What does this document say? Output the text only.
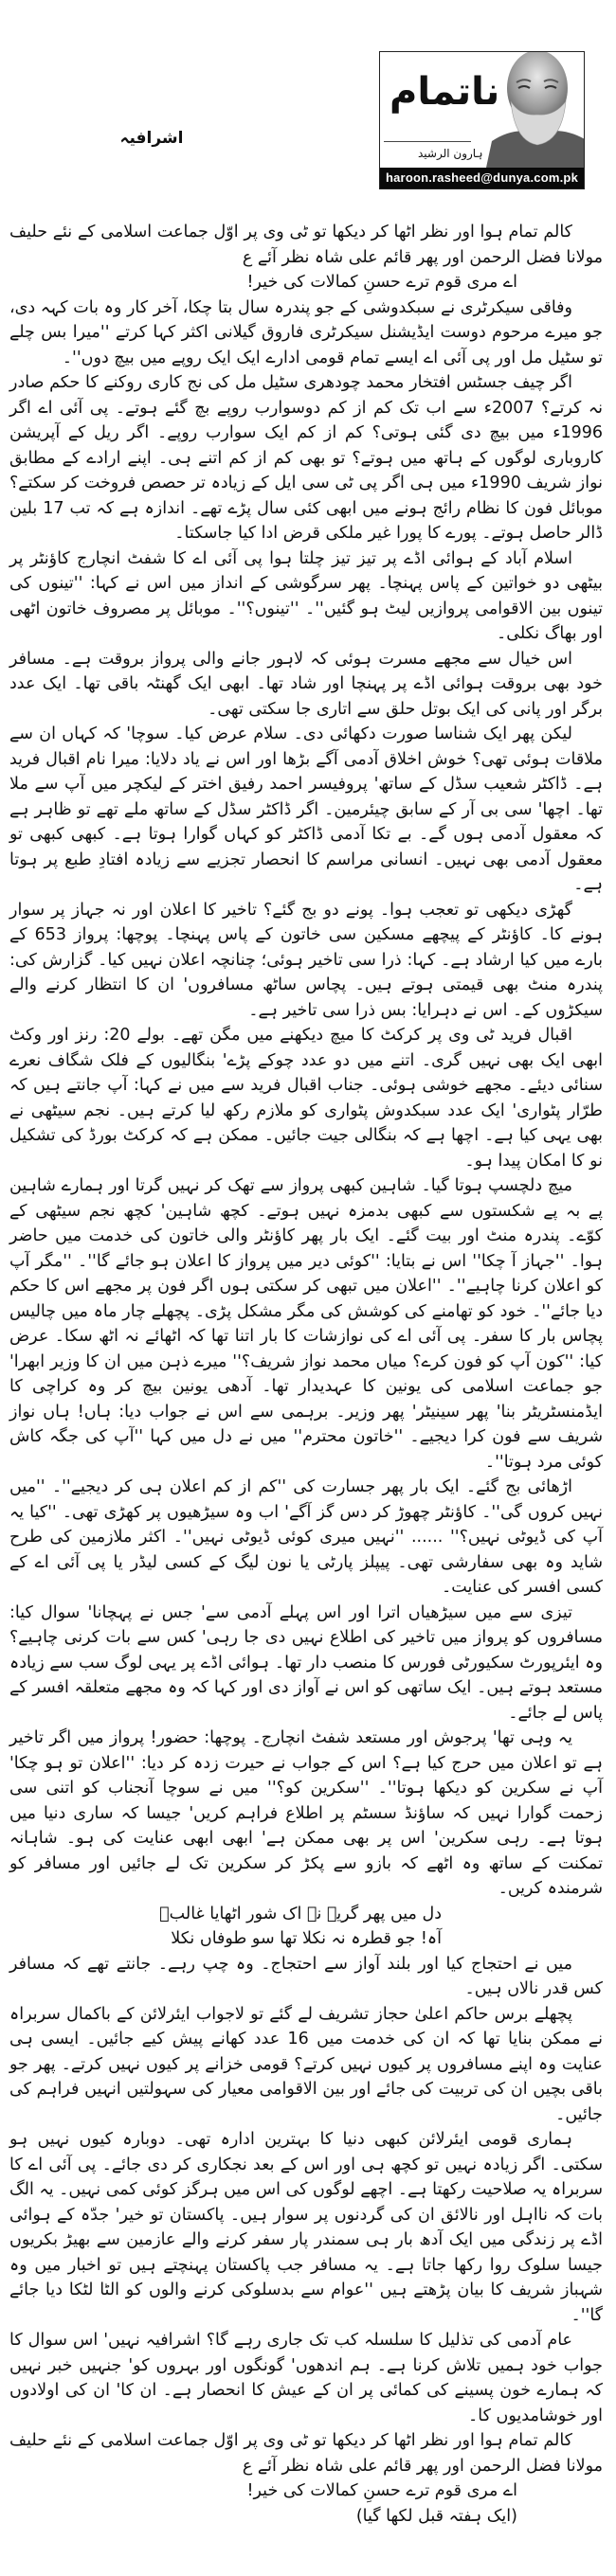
اشرافیہ
ناتمام
ہارون الرشید
haroon.rasheed@dunya.com.pk

کالم تمام ہوا اور نظر اٹھا کر دیکھا تو ٹی وی پر اوّل جماعت اسلامی کے نئے حلیف مولانا فضل الرحمن اور پھر قائم علی شاہ نظر آئے ع

اے مری قوم ترے حسنِ کمالات کی خیر!

وفاقی سیکرٹری نے سبکدوشی کے جو پندرہ سال بتا چکا، آخر کار وہ بات کہہ دی، جو میرے مرحوم دوست ایڈیشنل سیکرٹری فاروق گیلانی اکثر کہا کرتے ''میرا بس چلے تو سٹیل مل اور پی آئی اے ایسے تمام قومی ادارے ایک ایک روپے میں بیچ دوں''۔

اگر چیف جسٹس افتخار محمد چودھری سٹیل مل کی نج کاری روکنے کا حکم صادر نہ کرتے؟ 2007ء سے اب تک کم از کم دوسوارب روپے بچ گئے ہوتے۔ پی آئی اے اگر 1996ء میں بیچ دی گئی ہوتی؟ کم از کم ایک سوارب روپے۔ اگر ریل کے آپریشن کاروباری لوگوں کے ہاتھ میں ہوتے؟ تو بھی کم از کم اتنے ہی۔ اپنے ارادے کے مطابق نواز شریف 1990ء میں ہی اگر پی ٹی سی ایل کے زیادہ تر حصص فروخت کر سکتے؟ موبائل فون کا نظام رائج ہونے میں ابھی کئی سال پڑے تھے۔ اندازہ ہے کہ تب 17 بلین ڈالر حاصل ہوتے۔ پورے کا پورا غیر ملکی قرض ادا کیا جاسکتا۔

اسلام آباد کے ہوائی اڈے پر تیز تیز چلتا ہوا پی آئی اے کا شفٹ انچارج کاؤنٹر پر بیٹھی دو خواتین کے پاس پہنچا۔ پھر سرگوشی کے انداز میں اس نے کہا: ''تینوں کی تینوں بین الاقوامی پروازیں لیٹ ہو گئیں''۔ ''تینوں؟''۔ موبائل پر مصروف خاتون اٹھی اور بھاگ نکلی۔

اس خیال سے مجھے مسرت ہوئی کہ لاہور جانے والی پرواز بروقت ہے۔ مسافر خود بھی بروقت ہوائی اڈے پر پہنچا اور شاد تھا۔ ابھی ایک گھنٹہ باقی تھا۔ ایک عدد برگر اور پانی کی ایک بوتل حلق سے اتاری جا سکتی تھی۔

لیکن پھر ایک شناسا صورت دکھائی دی۔ سلام عرض کیا۔ سوچا' کہ کہاں ان سے ملاقات ہوئی تھی؟ خوش اخلاق آدمی آگے بڑھا اور اس نے یاد دلایا: میرا نام اقبال فرید ہے۔ ڈاکٹر شعیب سڈل کے ساتھ' پروفیسر احمد رفیق اختر کے لیکچر میں آپ سے ملا تھا۔ اچھا' سی بی آر کے سابق چیئرمین۔ اگر ڈاکٹر سڈل کے ساتھ ملے تھے تو ظاہر ہے کہ معقول آدمی ہوں گے۔ بے تکا آدمی ڈاکٹر کو کہاں گوارا ہوتا ہے۔ کبھی کبھی تو معقول آدمی بھی نہیں۔ انسانی مراسم کا انحصار تجزیے سے زیادہ افتادِ طبع پر ہوتا ہے۔

گھڑی دیکھی تو تعجب ہوا۔ پونے دو بج گئے؟ تاخیر کا اعلان اور نہ جہاز پر سوار ہونے کا۔ کاؤنٹر کے پیچھے مسکین سی خاتون کے پاس پہنچا۔ پوچھا: پرواز 653 کے بارے میں کیا ارشاد ہے۔ کہا: ذرا سی تاخیر ہوئی؛ چنانچہ اعلان نہیں کیا۔ گزارش کی: پندرہ منٹ بھی قیمتی ہوتے ہیں۔ پچاس ساٹھ مسافروں' ان کا انتظار کرنے والے سیکڑوں کے۔ اس نے دہرایا: بس ذرا سی تاخیر ہے۔

اقبال فرید ٹی وی پر کرکٹ کا میچ دیکھنے میں مگن تھے۔ بولے 20: رنز اور وکٹ ابھی ایک بھی نہیں گری۔ اتنے میں دو عدد چوکے پڑے' بنگالیوں کے فلک شگاف نعرے سنائی دیئے۔ مجھے خوشی ہوئی۔ جناب اقبال فرید سے میں نے کہا: آپ جانتے ہیں کہ طرّار پٹواری' ایک عدد سبکدوش پٹواری کو ملازم رکھ لیا کرتے ہیں۔ نجم سیٹھی نے بھی یہی کیا ہے۔ اچھا ہے کہ بنگالی جیت جائیں۔ ممکن ہے کہ کرکٹ بورڈ کی تشکیل نو کا امکان پیدا ہو۔

میچ دلچسپ ہوتا گیا۔ شاہین کبھی پرواز سے تھک کر نہیں گرتا اور ہمارے شاہین پے بہ پے شکستوں سے کبھی بدمزہ نہیں ہوتے۔ کچھ شاہین' کچھ نجم سیٹھی کے کوّے۔ پندرہ منٹ اور بیت گئے۔ ایک بار پھر کاؤنٹر والی خاتون کی خدمت میں حاضر ہوا۔ ''جہاز آ چکا'' اس نے بتایا: ''کوئی دیر میں پرواز کا اعلان ہو جائے گا''۔ ''مگر آپ کو اعلان کرنا چاہیے''۔ ''اعلان میں تبھی کر سکتی ہوں اگر فون پر مجھے اس کا حکم دیا جائے''۔ خود کو تھامنے کی کوشش کی مگر مشکل پڑی۔ پچھلے چار ماہ میں چالیس پچاس بار کا سفر۔ پی آئی اے کی نوازشات کا بار اتنا تھا کہ اٹھائے نہ اٹھ سکا۔ عرض کیا: ''کون آپ کو فون کرے؟ میاں محمد نواز شریف؟'' میرے ذہن میں ان کا وزیر ابھرا' جو جماعت اسلامی کی یونین کا عہدیدار تھا۔ آدھی یونین بیچ کر وہ کراچی کا ایڈمنسٹریٹر بنا' پھر سینیٹر' پھر وزیر۔ برہمی سے اس نے جواب دیا: ہاں! ہاں نواز شریف سے فون کرا دیجیے۔ ''خاتون محترم'' میں نے دل میں کہا ''آپ کی جگہ کاش کوئی مرد ہوتا''۔

اڑھائی بج گئے۔ ایک بار پھر جسارت کی ''کم از کم اعلان ہی کر دیجیے''۔ ''میں نہیں کروں گی''۔ کاؤنٹر چھوڑ کر دس گز آگے' اب وہ سیڑھیوں پر کھڑی تھی۔ ''کیا یہ آپ کی ڈیوٹی نہیں؟'' ...... ''نہیں میری کوئی ڈیوٹی نہیں''۔ اکثر ملازمین کی طرح شاید وہ بھی سفارشی تھی۔ پیپلز پارٹی یا نون لیگ کے کسی لیڈر یا پی آئی اے کے کسی افسر کی عنایت۔

تیزی سے میں سیڑھیاں اترا اور اس پہلے آدمی سے' جس نے پہچانا' سوال کیا: مسافروں کو پرواز میں تاخیر کی اطلاع نہیں دی جا رہی' کس سے بات کرنی چاہیے؟ وہ ایئرپورٹ سکیورٹی فورس کا منصب دار تھا۔ ہوائی اڈے پر یہی لوگ سب سے زیادہ مستعد ہوتے ہیں۔ ایک ساتھی کو اس نے آواز دی اور کہا کہ وہ مجھے متعلقہ افسر کے پاس لے جائے۔

یہ وہی تھا' پرجوش اور مستعد شفٹ انچارج۔ پوچھا: حضور! پرواز میں اگر تاخیر ہے تو اعلان میں حرج کیا ہے؟ اس کے جواب نے حیرت زدہ کر دیا: ''اعلان تو ہو چکا' آپ نے سکرین کو دیکھا ہوتا''۔ ''سکرین کو؟'' میں نے سوچا آنجناب کو اتنی سی زحمت گوارا نہیں کہ ساؤنڈ سسٹم پر اطلاع فراہم کریں' جیسا کہ ساری دنیا میں ہوتا ہے۔ رہی سکرین' اس پر بھی ممکن ہے' ابھی ابھی عنایت کی ہو۔ شاہانہ تمکنت کے ساتھ وہ اٹھے کہ بازو سے پکڑ کر سکرین تک لے جائیں اور مسافر کو شرمندہ کریں۔

دل میں پھر گریہ نے اک شور اٹھایا غالبؔ

آہ! جو قطرہ نہ نکلا تھا سو طوفاں نکلا

میں نے احتجاج کیا اور بلند آواز سے احتجاج۔ وہ چپ رہے۔ جانتے تھے کہ مسافر کس قدر نالاں ہیں۔

پچھلے برس حاکم اعلیٰ حجاز تشریف لے گئے تو لاجواب ایئرلائن کے باکمال سربراہ نے ممکن بنایا تھا کہ ان کی خدمت میں 16 عدد کھانے پیش کیے جائیں۔ ایسی ہی عنایت وہ اپنے مسافروں پر کیوں نہیں کرتے؟ قومی خزانے پر کیوں نہیں کرتے۔ پھر جو باقی بچیں ان کی تربیت کی جائے اور بین الاقوامی معیار کی سہولتیں انہیں فراہم کی جائیں۔

ہماری قومی ایئرلائن کبھی دنیا کا بہترین ادارہ تھی۔ دوبارہ کیوں نہیں ہو سکتی۔ اگر زیادہ نہیں تو کچھ ہی اور اس کے بعد نجکاری کر دی جائے۔ پی آئی اے کا سربراہ یہ صلاحیت رکھتا ہے۔ اچھے لوگوں کی اس میں ہرگز کوئی کمی نہیں۔ یہ الگ بات کہ نااہل اور نالائق ان کی گردنوں پر سوار ہیں۔ پاکستان تو خیر' جدّہ کے ہوائی اڈے پر زندگی میں ایک آدھ بار ہی سمندر پار سفر کرنے والے عازمین سے بھیڑ بکریوں جیسا سلوک روا رکھا جاتا ہے۔ یہ مسافر جب پاکستان پہنچتے ہیں تو اخبار میں وہ شہباز شریف کا بیان پڑھتے ہیں ''عوام سے بدسلوکی کرنے والوں کو الٹا لٹکا دیا جائے گا''۔

عام آدمی کی تذلیل کا سلسلہ کب تک جاری رہے گا؟ اشرافیہ نہیں' اس سوال کا جواب خود ہمیں تلاش کرنا ہے۔ ہم اندھوں' گونگوں اور بہروں کو' جنہیں خبر نہیں کہ ہمارے خون پسینے کی کمائی پر ان کے عیش کا انحصار ہے۔ ان کا' ان کی اولادوں اور خوشامدیوں کا۔

کالم تمام ہوا اور نظر اٹھا کر دیکھا تو ٹی وی پر اوّل جماعت اسلامی کے نئے حلیف مولانا فضل الرحمن اور پھر قائم علی شاہ نظر آئے ع

اے مری قوم ترے حسنِ کمالات کی خیر!

(ایک ہفتہ قبل لکھا گیا)
